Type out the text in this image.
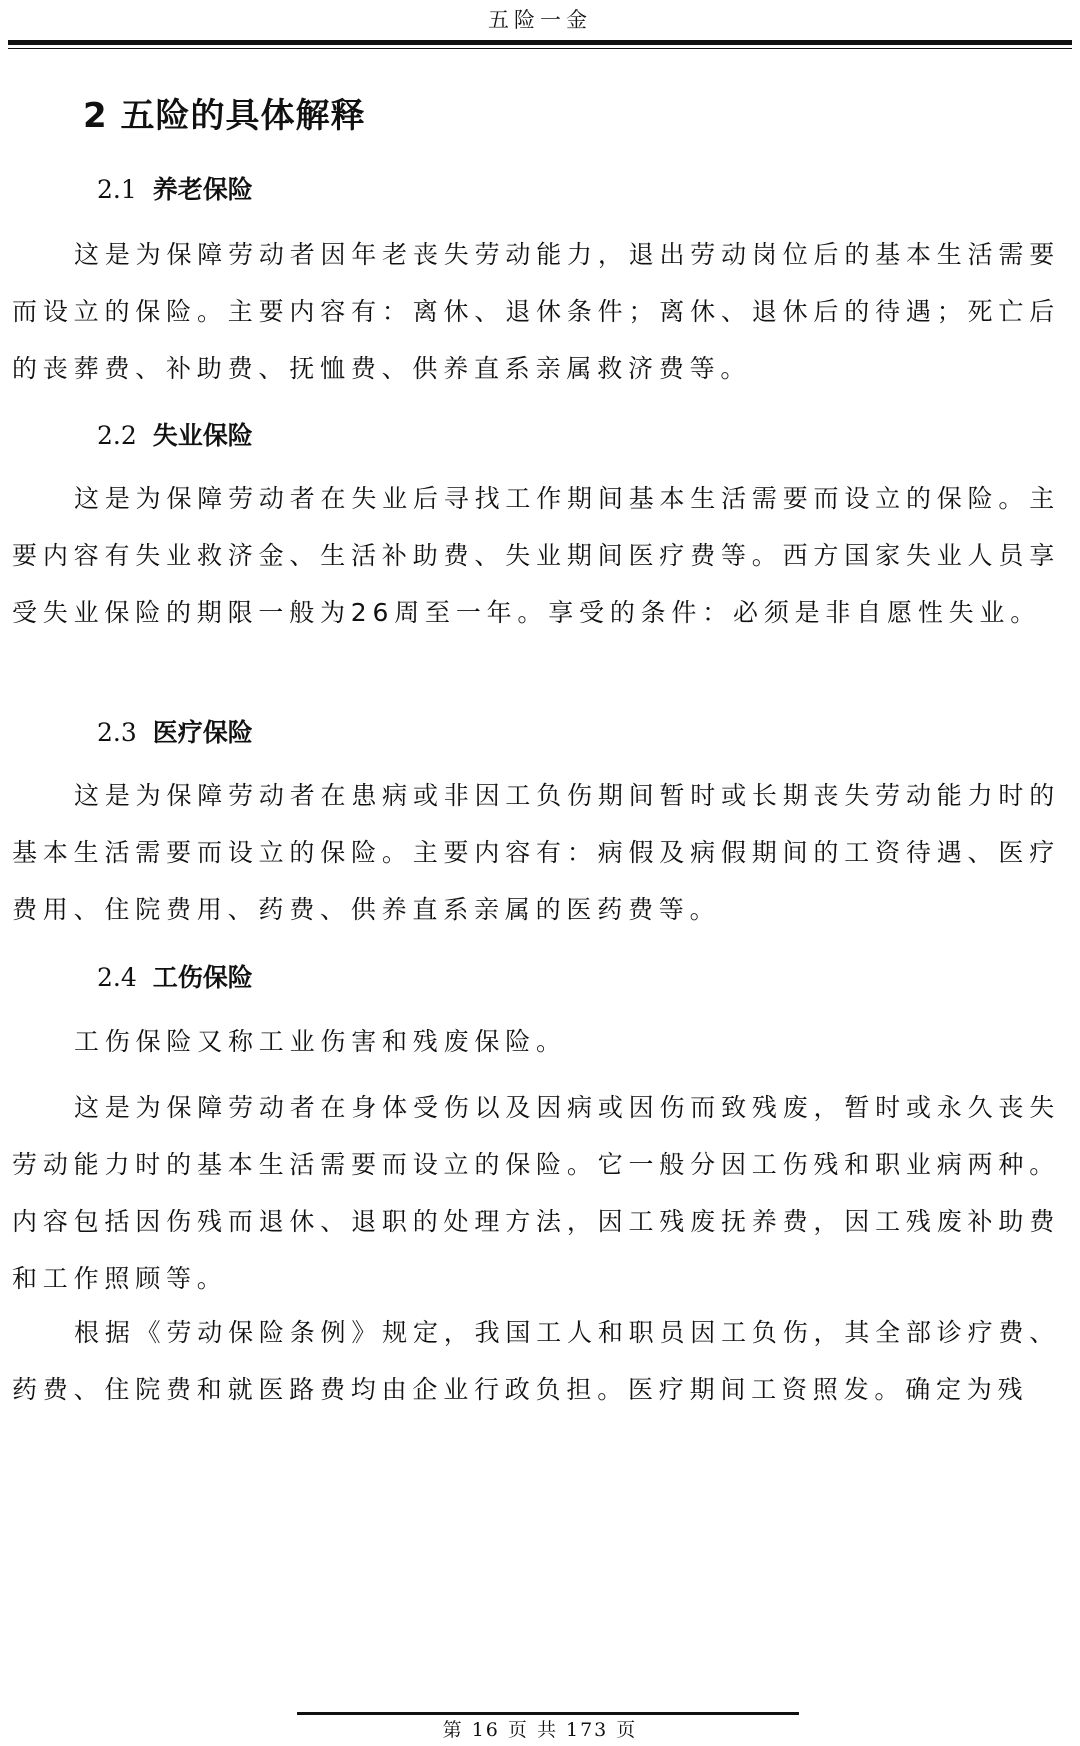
五险一金
2 五险的具体解释
2.1 养老保险

这是为保障劳动者因年老丧失劳动能力，退出劳动岗位后的基本生活需要而设立的保险。主要内容有：离休、退休条件；离休、退休后的待遇；死亡后的丧葬费、补助费、抚恤费、供养直系亲属救济费等。

2.2 失业保险

这是为保障劳动者在失业后寻找工作期间基本生活需要而设立的保险。主要内容有失业救济金、生活补助费、失业期间医疗费等。西方国家失业人员享受失业保险的期限一般为26周至一年。享受的条件：必须是非自愿性失业。

2.3 医疗保险

这是为保障劳动者在患病或非因工负伤期间暂时或长期丧失劳动能力时的基本生活需要而设立的保险。主要内容有：病假及病假期间的工资待遇、医疗费用、住院费用、药费、供养直系亲属的医药费等。

2.4 工伤保险

工伤保险又称工业伤害和残废保险。

这是为保障劳动者在身体受伤以及因病或因伤而致残废，暂时或永久丧失劳动能力时的基本生活需要而设立的保险。它一般分因工伤残和职业病两种。内容包括因伤残而退休、退职的处理方法，因工残废抚养费，因工残废补助费和工作照顾等。

根据《劳动保险条例》规定，我国工人和职员因工负伤，其全部诊疗费、药费、住院费和就医路费均由企业行政负担。医疗期间工资照发。确定为残

第 16 页 共 173 页
